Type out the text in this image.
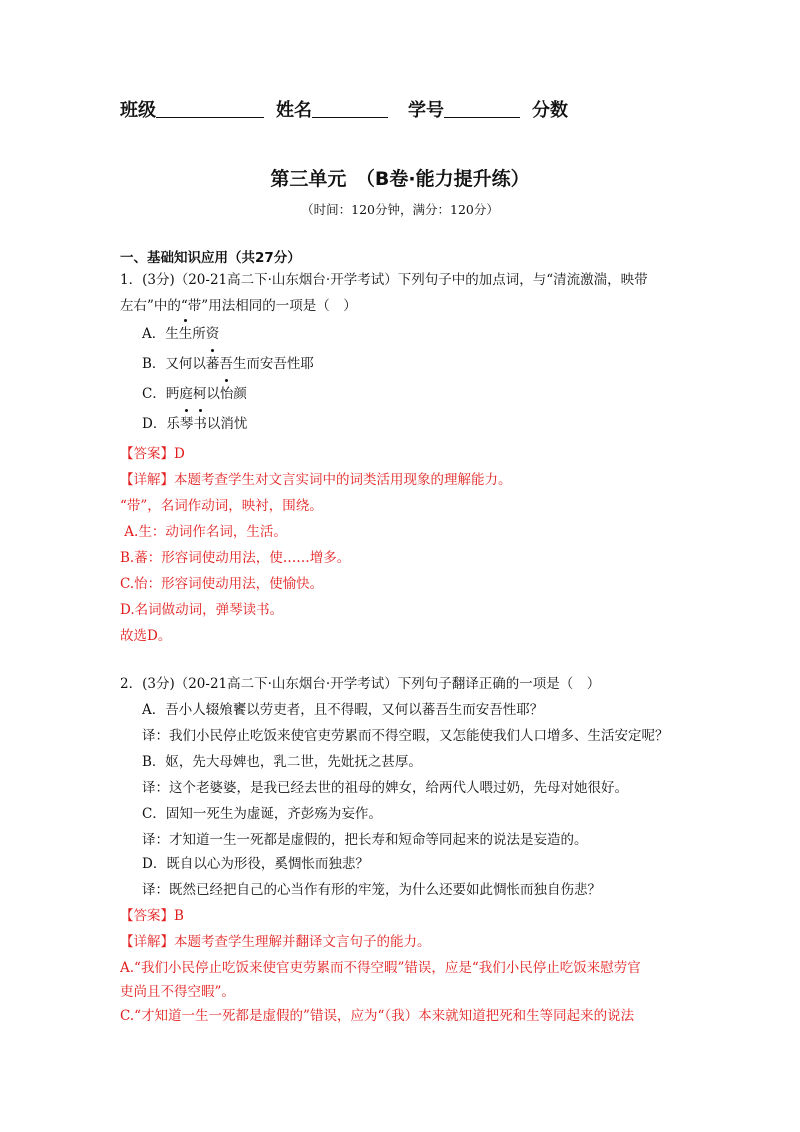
班级	姓名	学号	分数
第三单元　（B卷·能力提升练）
（时间：120分钟，满分：120分）
一、基础知识应用（共27分）
1．(3分)（20-21高二下·山东烟台·开学考试）下列句子中的加点词，与“清流激湍，映带
左右”中的“带”用法相同的一项是（　）
A．生生所资
B．又何以蕃吾生而安吾性耶
C．眄庭柯以怡颜
D．乐琴书以消忧
【答案】D
【详解】本题考查学生对文言实词中的词类活用现象的理解能力。
“带”，名词作动词，映衬，围绕。
A.生：动词作名词，生活。
B.蕃：形容词使动用法，使……增多。
C.怡：形容词使动用法，使愉快。
D.名词做动词，弹琴读书。
故选D。
2．(3分)（20-21高二下·山东烟台·开学考试）下列句子翻译正确的一项是（　）
A．吾小人辍飧饔以劳吏者，且不得暇，又何以蕃吾生而安吾性耶？
译：我们小民停止吃饭来使官吏劳累而不得空暇，又怎能使我们人口增多、生活安定呢？
B．妪，先大母婢也，乳二世，先妣抚之甚厚。
译：这个老婆婆，是我已经去世的祖母的婢女，给两代人喂过奶，先母对她很好。
C．固知一死生为虚诞，齐彭殇为妄作。
译：才知道一生一死都是虚假的，把长寿和短命等同起来的说法是妄造的。
D．既自以心为形役，奚惆怅而独悲？
译：既然已经把自己的心当作有形的牢笼，为什么还要如此惆怅而独自伤悲？
【答案】B
【详解】本题考查学生理解并翻译文言句子的能力。
A.“我们小民停止吃饭来使官吏劳累而不得空暇”错误，应是“我们小民停止吃饭来慰劳官
吏尚且不得空暇”。
C.“才知道一生一死都是虚假的”错误，应为“（我）本来就知道把死和生等同起来的说法
